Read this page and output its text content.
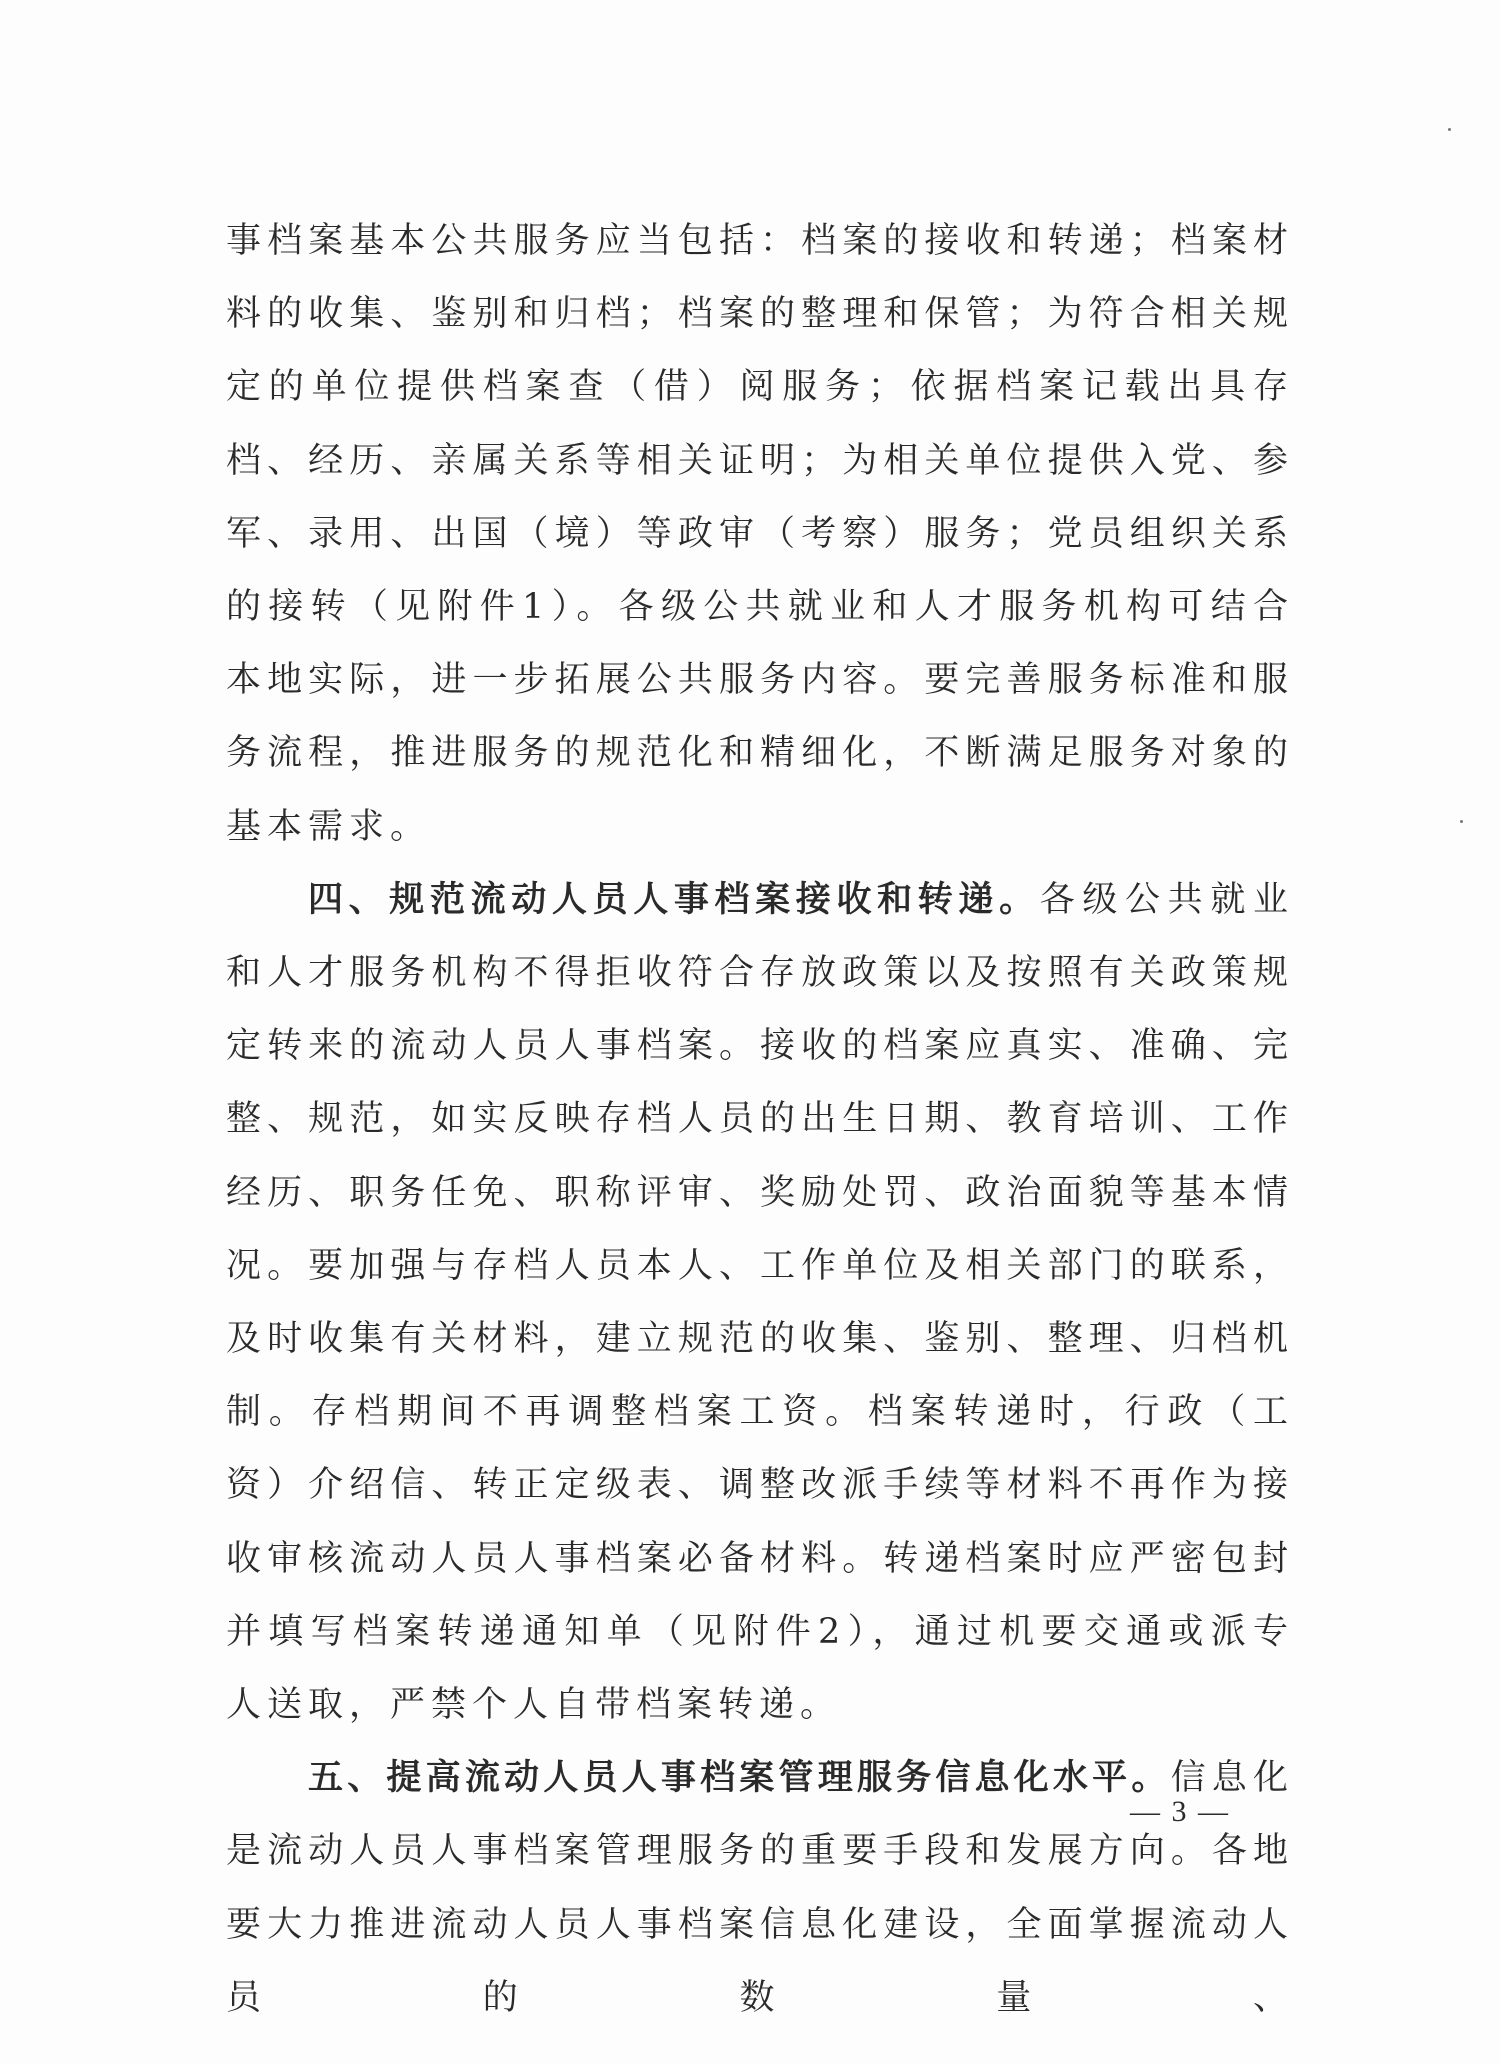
事档案基本公共服务应当包括：档案的接收和转递；档案材料的收集、鉴别和归档；档案的整理和保管；为符合相关规定的单位提供档案查（借）阅服务；依据档案记载出具存档、经历、亲属关系等相关证明；为相关单位提供入党、参军、录用、出国（境）等政审（考察）服务；党员组织关系的接转（见附件1）。各级公共就业和人才服务机构可结合本地实际，进一步拓展公共服务内容。要完善服务标准和服务流程，推进服务的规范化和精细化，不断满足服务对象的基本需求。

四、规范流动人员人事档案接收和转递。各级公共就业和人才服务机构不得拒收符合存放政策以及按照有关政策规定转来的流动人员人事档案。接收的档案应真实、准确、完整、规范，如实反映存档人员的出生日期、教育培训、工作经历、职务任免、职称评审、奖励处罚、政治面貌等基本情况。要加强与存档人员本人、工作单位及相关部门的联系，及时收集有关材料，建立规范的收集、鉴别、整理、归档机制。存档期间不再调整档案工资。档案转递时，行政（工资）介绍信、转正定级表、调整改派手续等材料不再作为接收审核流动人员人事档案必备材料。转递档案时应严密包封并填写档案转递通知单（见附件2），通过机要交通或派专人送取，严禁个人自带档案转递。

五、提高流动人员人事档案管理服务信息化水平。信息化是流动人员人事档案管理服务的重要手段和发展方向。各地要大力推进流动人员人事档案信息化建设，全面掌握流动人员的数量、

— 3 —
